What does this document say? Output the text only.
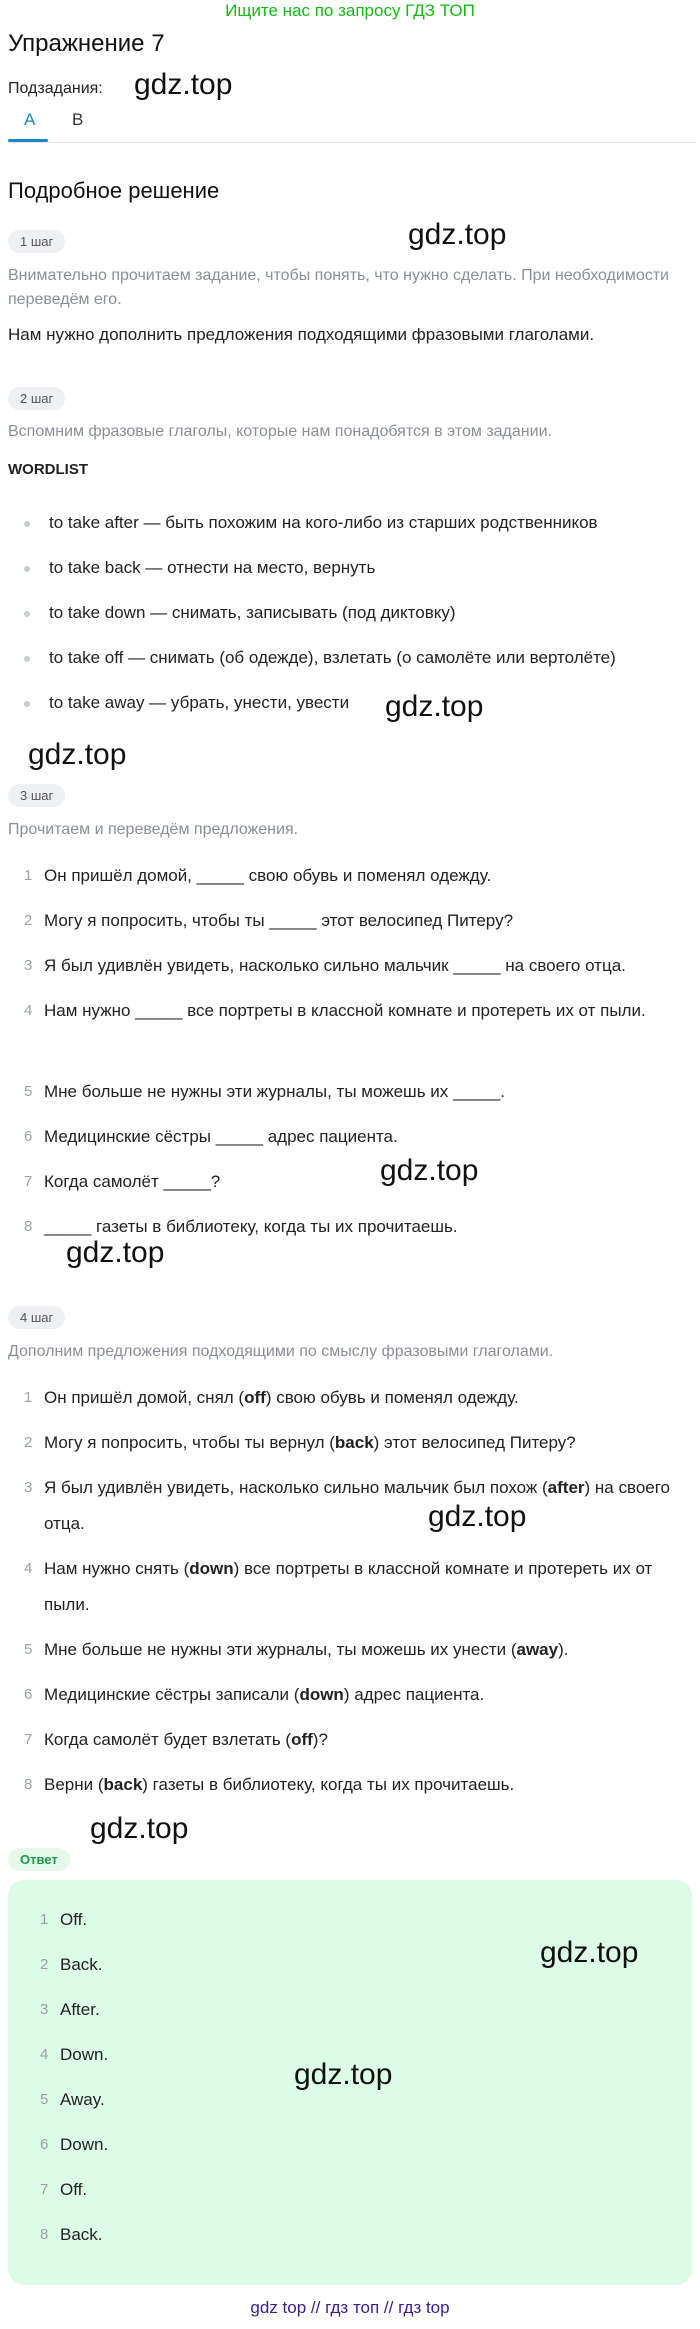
Ищите нас по запросу ГДЗ ТОП
Упражнение 7
Подзадания: gdz.top
A B
Подробное решение
1 шаг	gdz.top
Внимательно прочитаем задание, чтобы понять, что нужно сделать. При необходимости переведём его.
Нам нужно дополнить предложения подходящими фразовыми глаголами.
2 шаг
Вспомним фразовые глаголы, которые нам понадобятся в этом задании.
WORDLIST
to take after — быть похожим на кого-либо из старших родственников
to take back — отнести на место, вернуть
to take down — снимать, записывать (под диктовку)
to take off — снимать (об одежде), взлетать (о самолёте или вертолёте)
to take away — убрать, унести, увести	gdz.top
gdz.top
3 шаг
Прочитаем и переведём предложения.
1 Он пришёл домой, _____ свою обувь и поменял одежду.
2 Могу я попросить, чтобы ты _____ этот велосипед Питеру?
3 Я был удивлён увидеть, насколько сильно мальчик _____ на своего отца.
4 Нам нужно _____ все портреты в классной комнате и протереть их от пыли.
5 Мне больше не нужны эти журналы, ты можешь их _____.
6 Медицинские сёстры _____ адрес пациента.
7 Когда самолёт _____?
8 _____ газеты в библиотеку, когда ты их прочитаешь.
gdz.top
gdz.top
4 шаг
Дополним предложения подходящими по смыслу фразовыми глаголами.
1 Он пришёл домой, снял (off) свою обувь и поменял одежду.
2 Могу я попросить, чтобы ты вернул (back) этот велосипед Питеру?
3 Я был удивлён увидеть, насколько сильно мальчик был похож (after) на своего отца.
4 Нам нужно снять (down) все портреты в классной комнате и протереть их от пыли.
5 Мне больше не нужны эти журналы, ты можешь их унести (away).
6 Медицинские сёстры записали (down) адрес пациента.
7 Когда самолёт будет взлетать (off)?
8 Верни (back) газеты в библиотеку, когда ты их прочитаешь.
gdz.top
gdz.top
Ответ
1 Off.
2 Back.
3 After.
4 Down.
5 Away.
6 Down.
7 Off.
8 Back.
gdz.top
gdz.top
gdz top // гдз топ // гдз top
